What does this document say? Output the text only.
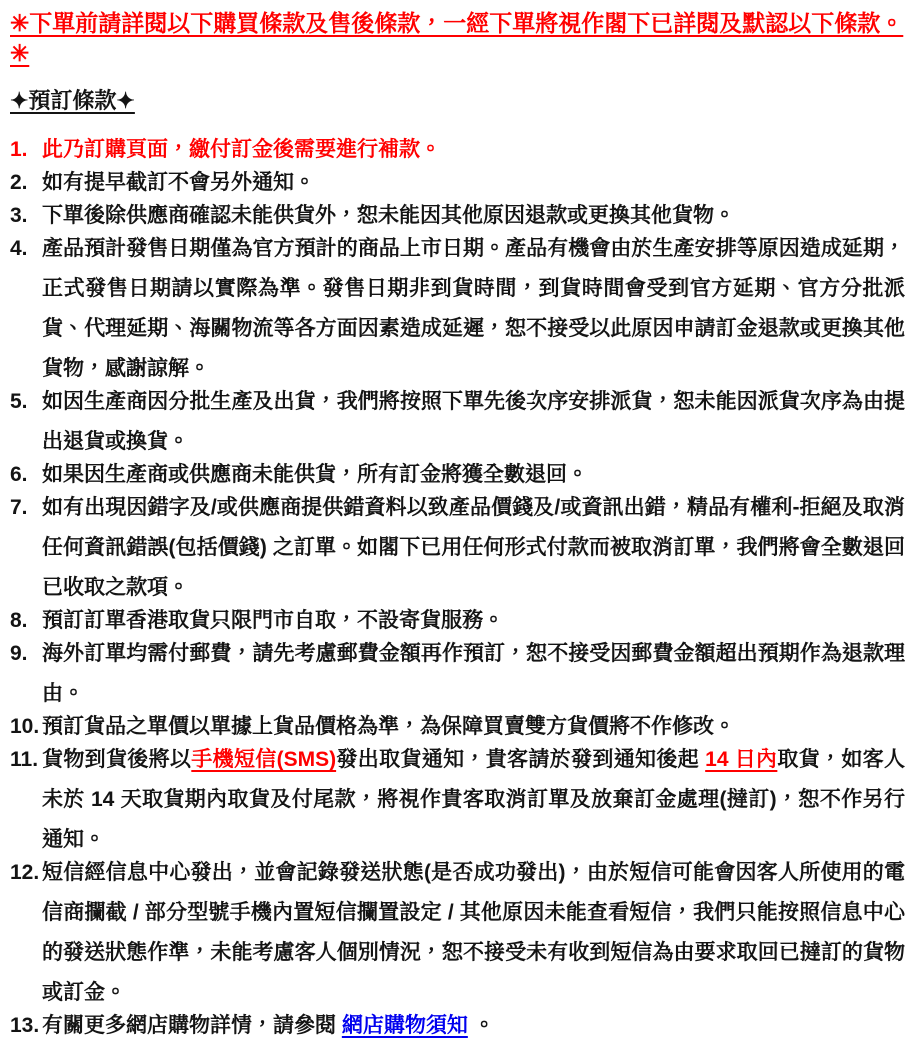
✳下單前請詳閱以下購買條款及售後條款，一經下單將視作閣下已詳閱及默認以下條款。✳
✦預訂條款✦
1. 此乃訂購頁面，繳付訂金後需要進行補款。
2. 如有提早截訂不會另外通知。
3. 下單後除供應商確認未能供貨外，恕未能因其他原因退款或更換其他貨物。
4. 產品預計發售日期僅為官方預計的商品上市日期。產品有機會由於生產安排等原因造成延期，正式發售日期請以實際為準。發售日期非到貨時間，到貨時間會受到官方延期、官方分批派貨、代理延期、海關物流等各方面因素造成延遲，恕不接受以此原因申請訂金退款或更換其他貨物，感謝諒解。
5. 如因生產商因分批生產及出貨，我們將按照下單先後次序安排派貨，恕未能因派貨次序為由提出退貨或換貨。
6. 如果因生產商或供應商未能供貨，所有訂金將獲全數退回。
7. 如有出現因錯字及/或供應商提供錯資料以致產品價錢及/或資訊出錯，精品有權利-拒絕及取消任何資訊錯誤(包括價錢) 之訂單。如閣下已用任何形式付款而被取消訂單，我們將會全數退回已收取之款項。
8. 預訂訂單香港取貨只限門市自取，不設寄貨服務。
9. 海外訂單均需付郵費，請先考慮郵費金額再作預訂，恕不接受因郵費金額超出預期作為退款理由。
10. 預訂貨品之單價以單據上貨品價格為準，為保障買賣雙方貨價將不作修改。
11. 貨物到貨後將以手機短信(SMS)發出取貨通知，貴客請於發到通知後起 14 日內取貨，如客人未於 14 天取貨期內取貨及付尾款，將視作貴客取消訂單及放棄訂金處理(撻訂)，恕不作另行通知。
12. 短信經信息中心發出，並會記錄發送狀態(是否成功發出)，由於短信可能會因客人所使用的電信商攔截 / 部分型號手機內置短信攔置設定 / 其他原因未能查看短信，我們只能按照信息中心的發送狀態作準，未能考慮客人個別情況，恕不接受未有收到短信為由要求取回已撻訂的貨物或訂金。
13. 有關更多網店購物詳情，請參閱 網店購物須知 。
